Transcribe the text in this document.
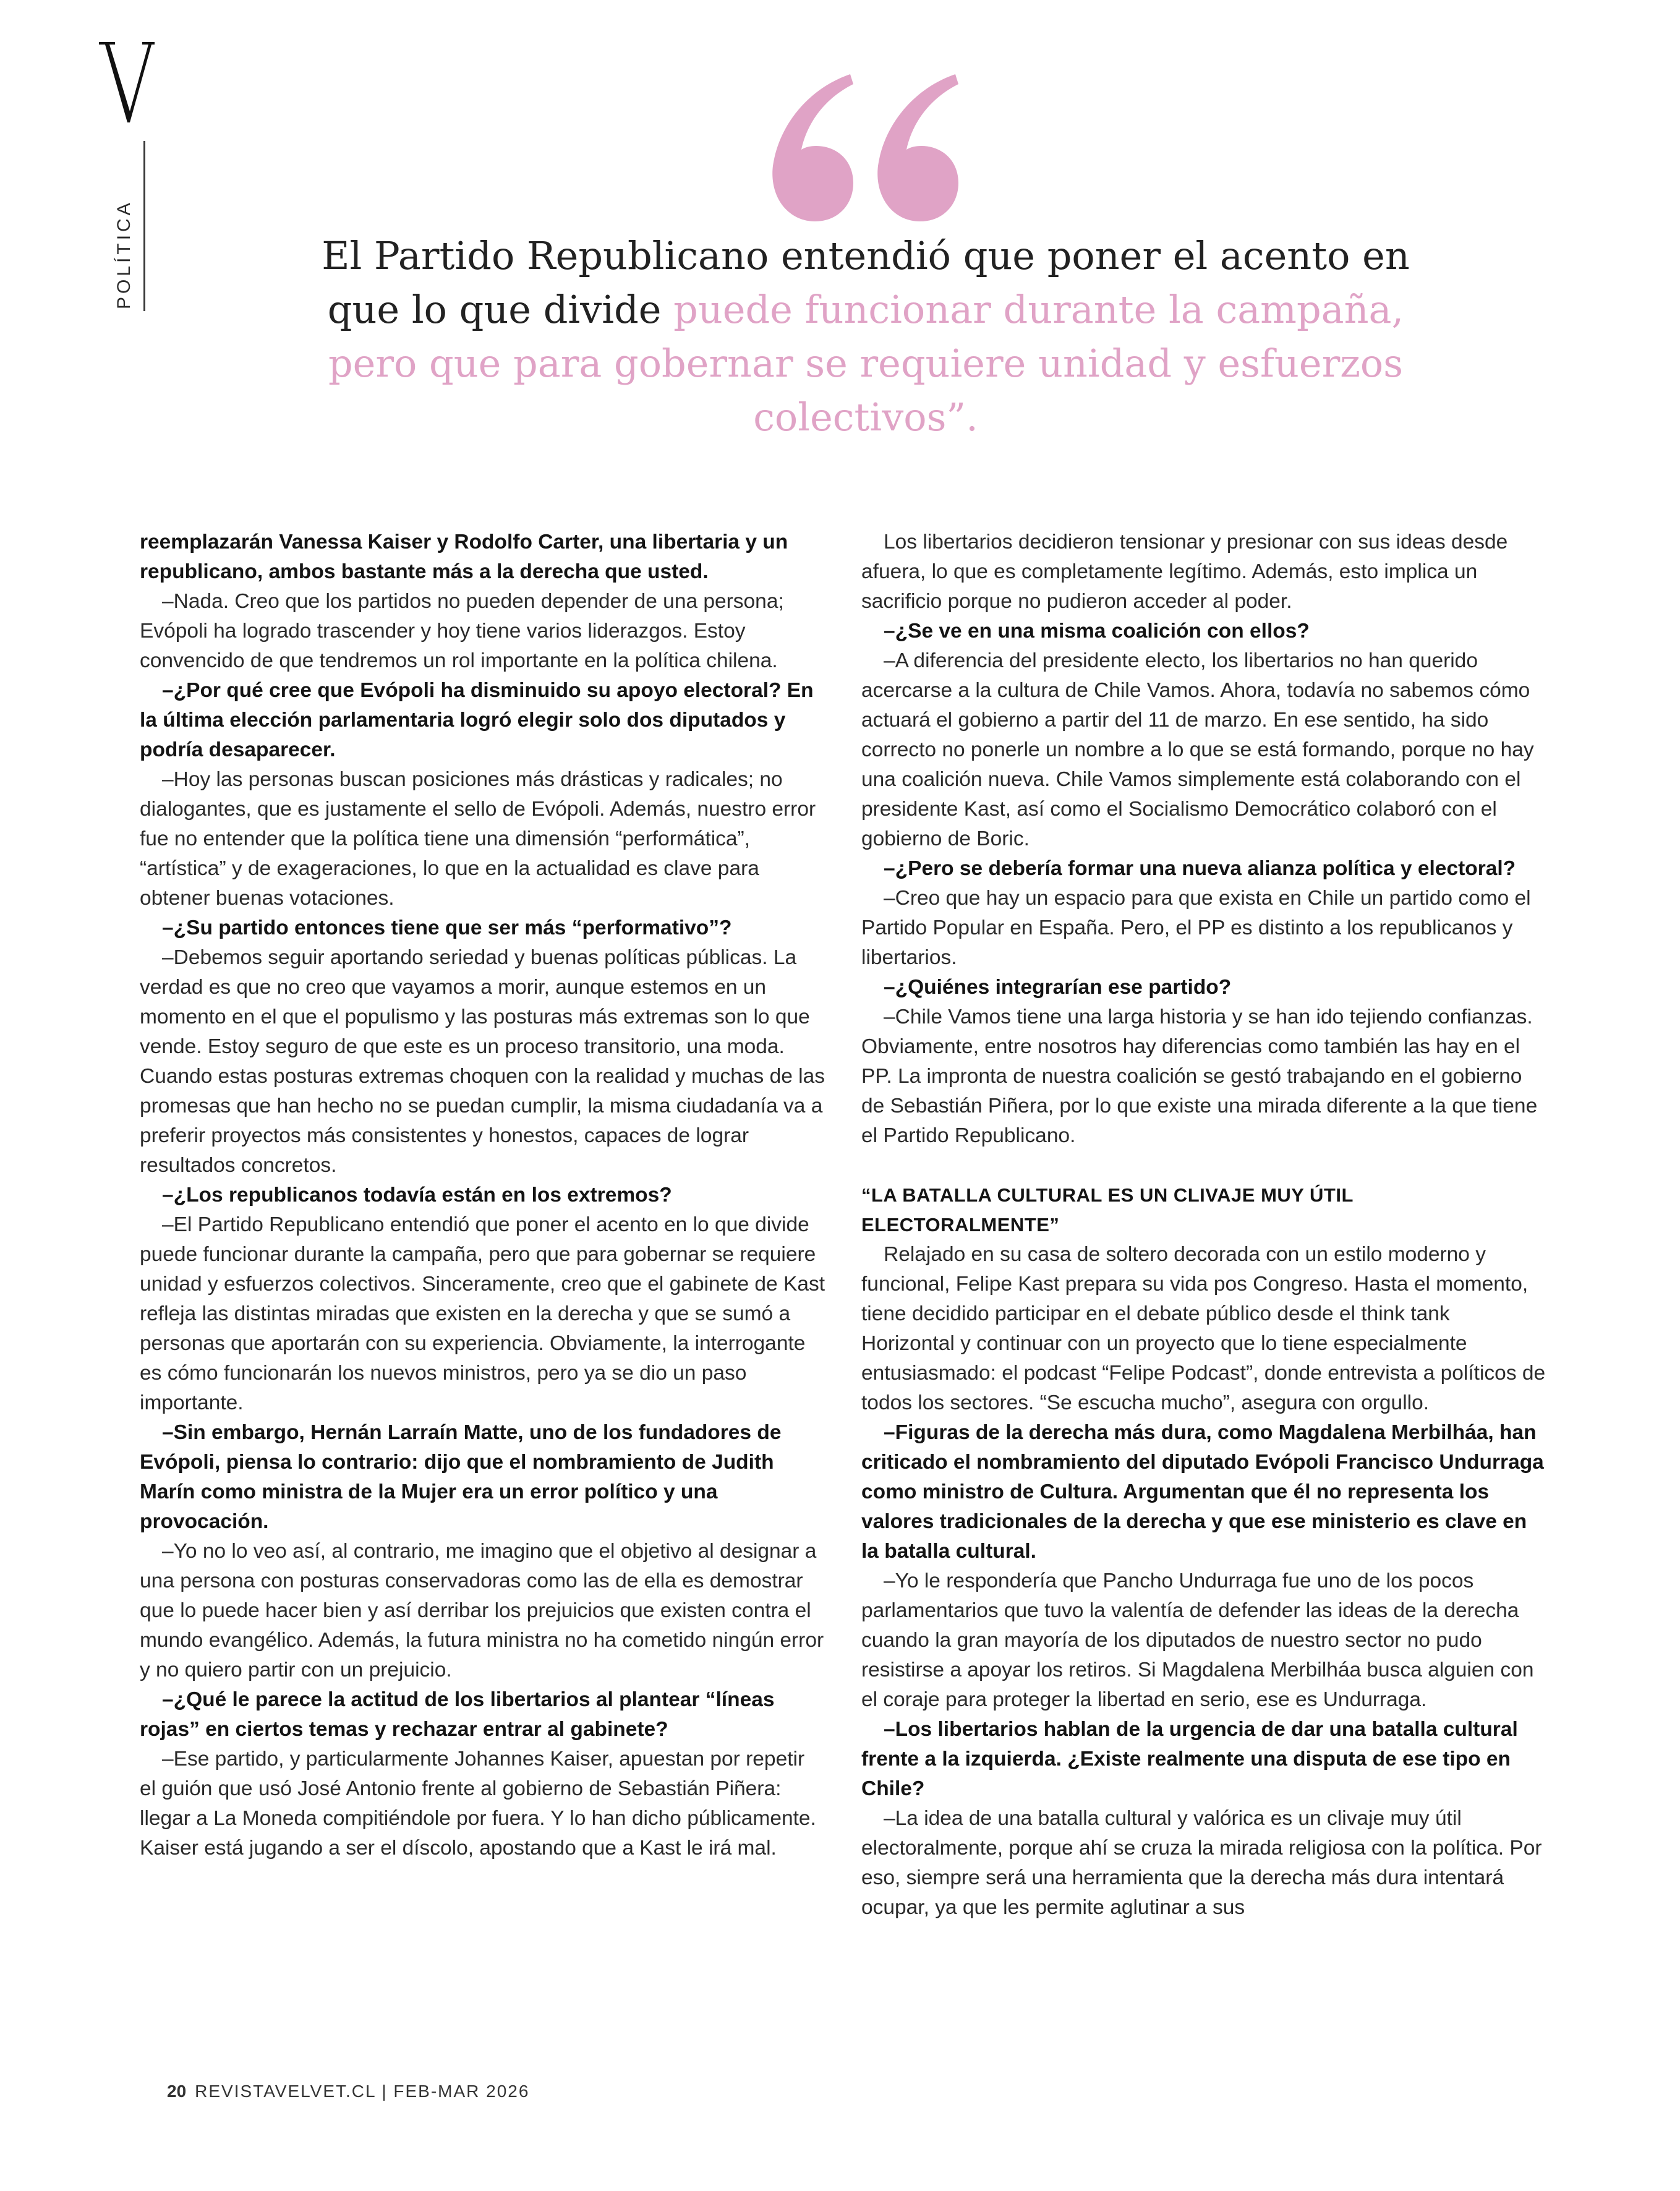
POLÍTICA	El Partido Republicano entendió que poner el acento en que lo que divide puede funcionar durante la campaña, pero que para gobernar se requiere unidad y esfuerzos colectivos”.

reemplazarán Vanessa Kaiser y Rodolfo Carter, una libertaria y un republicano, ambos bastante más a la derecha que usted.

–Nada. Creo que los partidos no pueden depender de una persona; Evópoli ha logrado trascender y hoy tiene varios liderazgos. Estoy convencido de que tendremos un rol importante en la política chilena.

–¿Por qué cree que Evópoli ha disminuido su apoyo electoral? En la última elección parlamentaria logró elegir solo dos diputados y podría desaparecer.

–Hoy las personas buscan posiciones más drásticas y radicales; no dialogantes, que es justamente el sello de Evópoli. Además, nuestro error fue no entender que la política tiene una dimensión “performática”, “artística” y de exageraciones, lo que en la actualidad es clave para obtener buenas votaciones.

–¿Su partido entonces tiene que ser más “performativo”?

–Debemos seguir aportando seriedad y buenas políticas públicas. La verdad es que no creo que vayamos a morir, aunque estemos en un momento en el que el populismo y las posturas más extremas son lo que vende. Estoy seguro de que este es un proceso transitorio, una moda. Cuando estas posturas extremas choquen con la realidad y muchas de las promesas que han hecho no se puedan cumplir, la misma ciudadanía va a preferir proyectos más consistentes y honestos, capaces de lograr resultados concretos.

–¿Los republicanos todavía están en los extremos?

–El Partido Republicano entendió que poner el acento en lo que divide puede funcionar durante la campaña, pero que para gobernar se requiere unidad y esfuerzos colectivos. Sinceramente, creo que el gabinete de Kast refleja las distintas miradas que existen en la derecha y que se sumó a personas que aportarán con su experiencia. Obviamente, la interrogante es cómo funcionarán los nuevos ministros, pero ya se dio un paso importante.

–Sin embargo, Hernán Larraín Matte, uno de los fundadores de Evópoli, piensa lo contrario: dijo que el nombramiento de Judith Marín como ministra de la Mujer era un error político y una provocación.

–Yo no lo veo así, al contrario, me imagino que el objetivo al designar a una persona con posturas conservadoras como las de ella es demostrar que lo puede hacer bien y así derribar los prejuicios que existen contra el mundo evangélico. Además, la futura ministra no ha cometido ningún error y no quiero partir con un prejuicio.

–¿Qué le parece la actitud de los libertarios al plantear “líneas rojas” en ciertos temas y rechazar entrar al gabinete?

–Ese partido, y particularmente Johannes Kaiser, apuestan por repetir el guión que usó José Antonio frente al gobierno de Sebastián Piñera: llegar a La Moneda compitiéndole por fuera. Y lo han dicho públicamente. Kaiser está jugando a ser el díscolo, apostando que a Kast le irá mal.

Los libertarios decidieron tensionar y presionar con sus ideas desde afuera, lo que es completamente legítimo. Además, esto implica un sacrificio porque no pudieron acceder al poder.

–¿Se ve en una misma coalición con ellos?

–A diferencia del presidente electo, los libertarios no han querido acercarse a la cultura de Chile Vamos. Ahora, todavía no sabemos cómo actuará el gobierno a partir del 11 de marzo. En ese sentido, ha sido correcto no ponerle un nombre a lo que se está formando, porque no hay una coalición nueva. Chile Vamos simplemente está colaborando con el presidente Kast, así como el Socialismo Democrático colaboró con el gobierno de Boric.

–¿Pero se debería formar una nueva alianza política y electoral?

–Creo que hay un espacio para que exista en Chile un partido como el Partido Popular en España. Pero, el PP es distinto a los republicanos y libertarios.

–¿Quiénes integrarían ese partido?

–Chile Vamos tiene una larga historia y se han ido tejiendo confianzas. Obviamente, entre nosotros hay diferencias como también las hay en el PP. La impronta de nuestra coalición se gestó trabajando en el gobierno de Sebastián Piñera, por lo que existe una mirada diferente a la que tiene el Partido Republicano.

“LA BATALLA CULTURAL ES UN CLIVAJE MUY ÚTIL ELECTORALMENTE”

Relajado en su casa de soltero decorada con un estilo moderno y funcional, Felipe Kast prepara su vida pos Congreso. Hasta el momento, tiene decidido participar en el debate público desde el think tank Horizontal y continuar con un proyecto que lo tiene especialmente entusiasmado: el podcast “Felipe Podcast”, donde entrevista a políticos de todos los sectores. “Se escucha mucho”, asegura con orgullo.

–Figuras de la derecha más dura, como Magdalena Merbilháa, han criticado el nombramiento del diputado Evópoli Francisco Undurraga como ministro de Cultura. Argumentan que él no representa los valores tradicionales de la derecha y que ese ministerio es clave en la batalla cultural.

–Yo le respondería que Pancho Undurraga fue uno de los pocos parlamentarios que tuvo la valentía de defender las ideas de la derecha cuando la gran mayoría de los diputados de nuestro sector no pudo resistirse a apoyar los retiros. Si Magdalena Merbilháa busca alguien con el coraje para proteger la libertad en serio, ese es Undurraga.

–Los libertarios hablan de la urgencia de dar una batalla cultural frente a la izquierda. ¿Existe realmente una disputa de ese tipo en Chile?

–La idea de una batalla cultural y valórica es un clivaje muy útil electoralmente, porque ahí se cruza la mirada religiosa con la política. Por eso, siempre será una herramienta que la derecha más dura intentará ocupar, ya que les permite aglutinar a sus

20 REVISTAVELVET.CL | FEB-MAR 2026
